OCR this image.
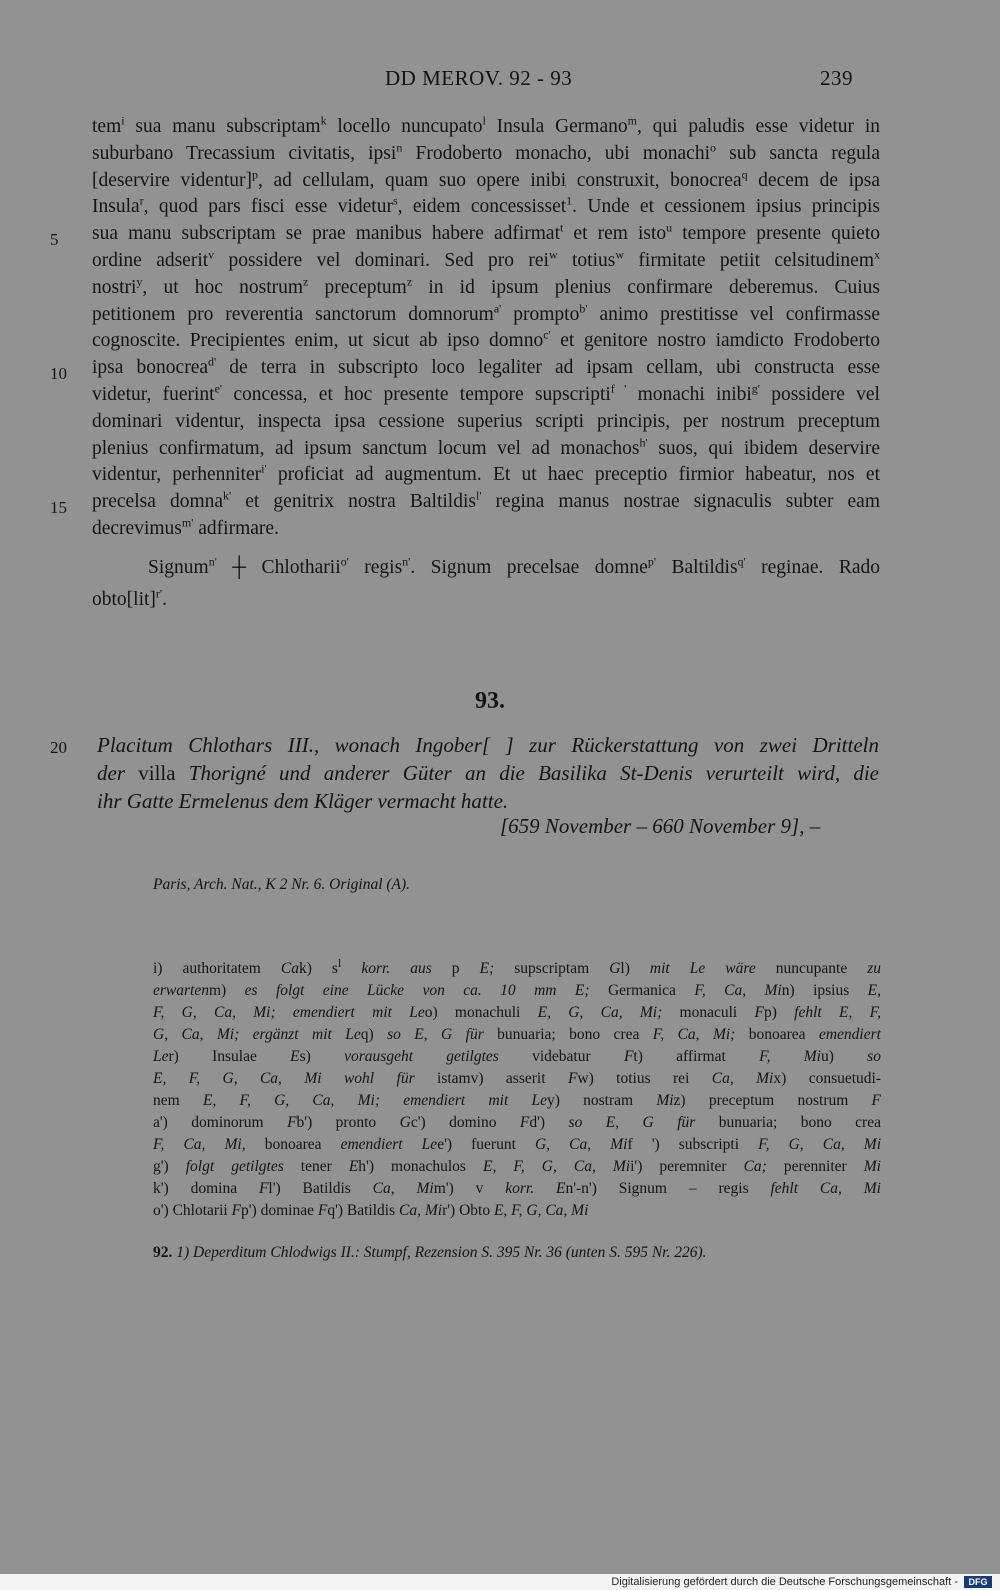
DD MEROV. 92 - 93	239
tem$^i$ sua manu subscriptam$^k$ locello nuncupato$^l$ Insula Germano$^m$, qui paludis esse videtur in
suburbano Trecassium civitatis, ipsi$^n$ Frodoberto monacho, ubi monachi$^o$ sub sancta regula
[deservire videntur]$^p$, ad cellulam, quam suo opere inibi construxit, bonocrea$^q$ decem de ipsa
Insula$^r$, quod pars fisci esse videtur$^s$, eidem concessisset$^1$. Unde et cessionem ipsius principis
sua manu subscriptam se prae manibus habere adfirmat$^t$ et rem isto$^u$ tempore presente quieto
ordine adserit$^v$ possidere vel dominari. Sed pro rei$^w$ totius$^w$ firmitate petiit celsitudinem$^x$
nostri$^y$, ut hoc nostrum$^z$ preceptum$^z$ in id ipsum plenius confirmare deberemus. Cuius
petitionem pro reverentia sanctorum domnorum$^{a'}$ prompto$^{b'}$ animo prestitisse vel confirmasse
cognoscite. Precipientes enim, ut sicut ab ipso domno$^{c'}$ et genitore nostro iamdicto Frodoberto
ipsa bonocrea$^{d'}$ de terra in subscripto loco legaliter ad ipsam cellam, ubi constructa esse
videtur, fuerint$^{e'}$ concessa, et hoc presente tempore supscripti$^{f '}$ monachi inibi$^{g'}$ possidere vel
dominari videntur, inspecta ipsa cessione superius scripti principis, per nostrum preceptum
plenius confirmatum, ad ipsum sanctum locum vel ad monachos$^{h'}$ suos, qui ibidem deservire
videntur, perhenniter$^{i'}$ proficiat ad augmentum. Et ut haec preceptio firmior habeatur, nos et
precelsa domna$^{k'}$ et genitrix nostra Baltildis$^{l'}$ regina manus nostrae signaculis subter eam
decrevimus$^{m'}$ adfirmare.
5
10
15
20
Signum$^{n'}$ ┼ Chlotharii$^{o'}$ regis$^{n'}$. Signum precelsae domne$^{p'}$ Baltildis$^{q'}$ reginae. Rado
obto[lit]$^{r'}$.
93.
Placitum Chlothars III., wonach Ingober[ ] zur Rückerstattung von zwei Dritteln
der villa Thorigné und anderer Güter an die Basilika St-Denis verurteilt wird, die
ihr Gatte Ermelenus dem Kläger vermacht hatte.
[659 November – 660 November 9], –
Paris, Arch. Nat., K 2 Nr. 6. Original (A).
i) authoritatem Cak) $s^l$ korr. aus p E; supscriptam Gl) mit Le wäre nuncupante zu
erwartenm) es folgt eine Lücke von ca. 10 mm E; Germanica F, Ca, Min) ipsius E,
F, G, Ca, Mi; emendiert mit Leo) monachuli E, G, Ca, Mi; monaculi Fp) fehlt E, F,
G, Ca, Mi; ergänzt mit Leq) so E, G für bunuaria; bono crea F, Ca, Mi; bonoarea emendiert
Ler) Insulae Es) vorausgeht getilgtes videbatur Ft) affirmat F, Miu) so
E, F, G, Ca, Mi wohl für istamv) asserit Fw) totius rei Ca, Mix) consuetudi-
nem E, F, G, Ca, Mi; emendiert mit Ley) nostram Miz) preceptum nostrum F
a') dominorum Fb') pronto Gc') domino Fd') so E, G für bunuaria; bono crea
F, Ca, Mi, bonoarea emendiert Lee') fuerunt G, Ca, Mif ') subscripti F, G, Ca, Mi
g') folgt getilgtes tener Eh') monachulos E, F, G, Ca, Mii') peremniter Ca; perenniter Mi
k') domina Fl') Batildis Ca, Mim') v korr. En'-n') Signum – regis fehlt Ca, Mi
o') Chlotarii Fp') dominae Fq') Batildis Ca, Mir') Obto E, F, G, Ca, Mi
92. 1) Deperditum Chlodwigs II.: Stumpf, Rezension S. 395 Nr. 36 (unten S. 595 Nr. 226).
Digitalisierung gefördert durch die Deutsche Forschungsgemeinschaft -	DFG
